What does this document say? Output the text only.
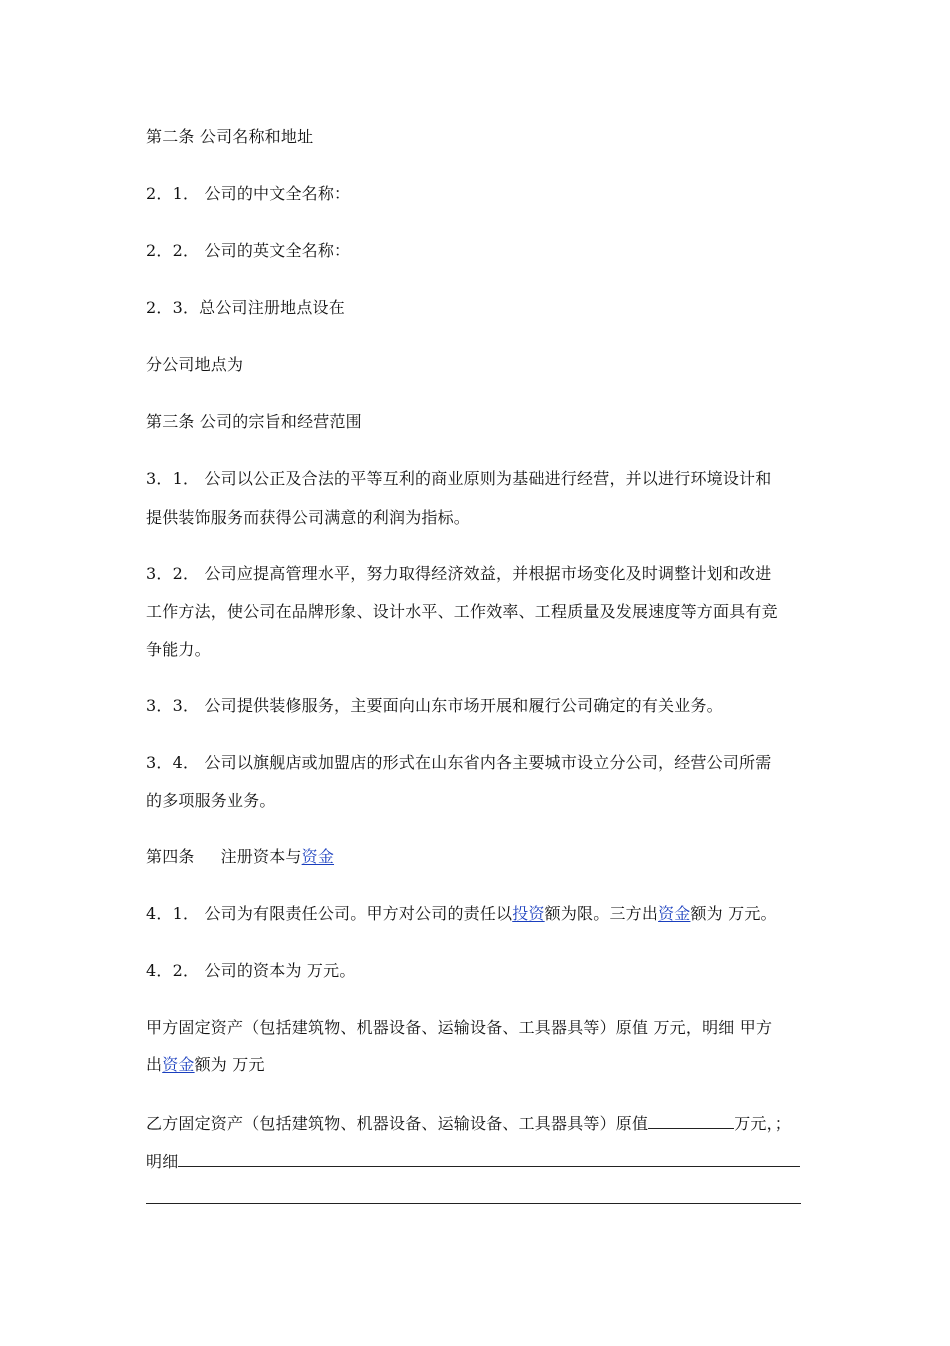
第二条 公司名称和地址
2．1． 公司的中文全名称：
2．2． 公司的英文全名称：
2．3．总公司注册地点设在
分公司地点为
第三条 公司的宗旨和经营范围
3．1． 公司以公正及合法的平等互利的商业原则为基础进行经营，并以进行环境设计和
提供装饰服务而获得公司满意的利润为指标。
3．2． 公司应提高管理水平，努力取得经济效益，并根据市场变化及时调整计划和改进
工作方法，使公司在品牌形象、设计水平、工作效率、工程质量及发展速度等方面具有竞
争能力。
3．3． 公司提供装修服务，主要面向山东市场开展和履行公司确定的有关业务。
3．4． 公司以旗舰店或加盟店的形式在山东省内各主要城市设立分公司，经营公司所需
的多项服务业务。
第四条 注册资本与资金
4．1． 公司为有限责任公司。甲方对公司的责任以投资额为限。三方出资金额为 万元。
4．2． 公司的资本为 万元。
甲方固定资产（包括建筑物、机器设备、运输设备、工具器具等）原值 万元，明细 甲方
出资金额为 万元
乙方固定资产（包括建筑物、机器设备、运输设备、工具器具等）原值	万元，；
明细
